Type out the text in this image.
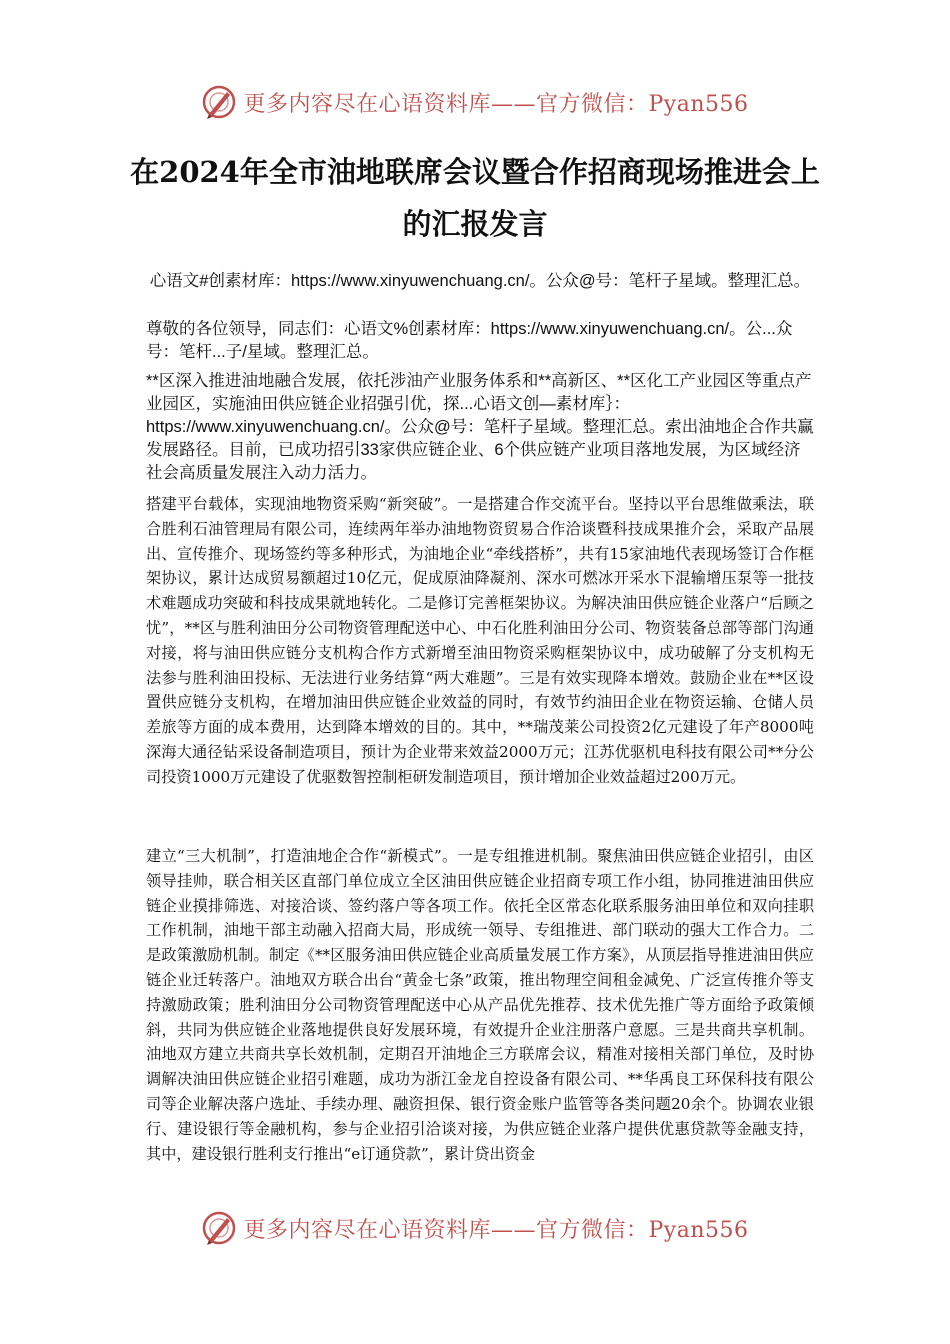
更多内容尽在心语资料库——官方微信：Pyan556
在2024年全市油地联席会议暨合作招商现场推进会上的汇报发言
心语文#创素材库：https://www.xinyuwenchuang.cn/。公众@号：笔杆子星域。整理汇总。
尊敬的各位领导，同志们：心语文%创素材库：https://www.xinyuwenchuang.cn/。公...众号：笔杆...子/星域。整理汇总。
**区深入推进油地融合发展，依托涉油产业服务体系和**高新区、**区化工产业园区等重点产业园区，实施油田供应链企业招强引优，探...心语文创—素材库｝：https://www.xinyuwenchuang.cn/。公众@号：笔杆子星域。整理汇总。索出油地企合作共赢发展路径。目前，已成功招引33家供应链企业、6个供应链产业项目落地发展，为区域经济社会高质量发展注入动力活力。
搭建平台载体，实现油地物资采购“新突破”。一是搭建合作交流平台。坚持以平台思维做乘法，联合胜利石油管理局有限公司，连续两年举办油地物资贸易合作洽谈暨科技成果推介会，采取产品展出、宣传推介、现场签约等多种形式，为油地企业“牵线搭桥”，共有15家油地代表现场签订合作框架协议，累计达成贸易额超过10亿元，促成原油降凝剂、深水可燃冰开采水下混输增压泵等一批技术难题成功突破和科技成果就地转化。二是修订完善框架协议。为解决油田供应链企业落户“后顾之忧”，**区与胜利油田分公司物资管理配送中心、中石化胜利油田分公司、物资装备总部等部门沟通对接，将与油田供应链分支机构合作方式新增至油田物资采购框架协议中，成功破解了分支机构无法参与胜利油田投标、无法进行业务结算“两大难题”。三是有效实现降本增效。鼓励企业在**区设置供应链分支机构，在增加油田供应链企业效益的同时，有效节约油田企业在物资运输、仓储人员差旅等方面的成本费用，达到降本增效的目的。其中，**瑞茂莱公司投资2亿元建设了年产8000吨深海大通径钻采设备制造项目，预计为企业带来效益2000万元；江苏优驱机电科技有限公司**分公司投资1000万元建设了优驱数智控制柜研发制造项目，预计增加企业效益超过200万元。
建立“三大机制”，打造油地企合作“新模式”。一是专组推进机制。聚焦油田供应链企业招引，由区领导挂帅，联合相关区直部门单位成立全区油田供应链企业招商专项工作小组，协同推进油田供应链企业摸排筛选、对接洽谈、签约落户等各项工作。依托全区常态化联系服务油田单位和双向挂职工作机制，油地干部主动融入招商大局，形成统一领导、专组推进、部门联动的强大工作合力。二是政策激励机制。制定《**区服务油田供应链企业高质量发展工作方案》，从顶层指导推进油田供应链企业迁转落户。油地双方联合出台“黄金七条”政策，推出物理空间租金减免、广泛宣传推介等支持激励政策；胜利油田分公司物资管理配送中心从产品优先推荐、技术优先推广等方面给予政策倾斜，共同为供应链企业落地提供良好发展环境，有效提升企业注册落户意愿。三是共商共享机制。油地双方建立共商共享长效机制，定期召开油地企三方联席会议，精准对接相关部门单位，及时协调解决油田供应链企业招引难题，成功为浙江金龙自控设备有限公司、**华禹良工环保科技有限公司等企业解决落户选址、手续办理、融资担保、银行资金账户监管等各类问题20余个。协调农业银行、建设银行等金融机构，参与企业招引洽谈对接，为供应链企业落户提供优惠贷款等金融支持，其中，建设银行胜利支行推出“e订通贷款”，累计贷出资金
更多内容尽在心语资料库——官方微信：Pyan556
